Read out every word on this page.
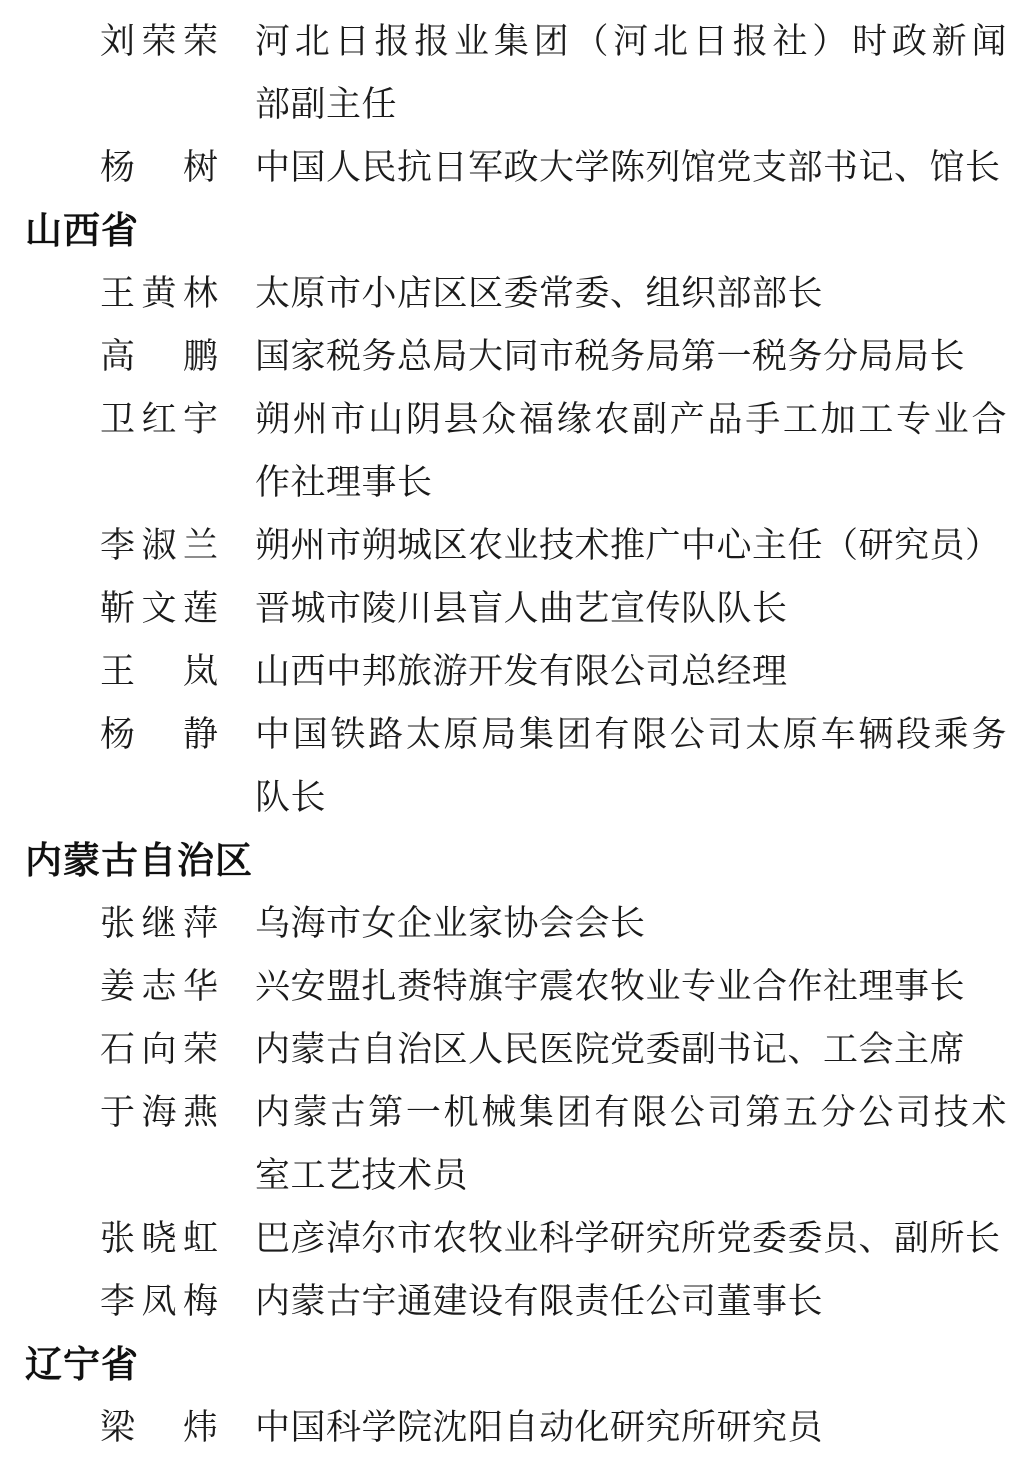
刘荣荣 河北日报报业集团（河北日报社）时政新闻
部副主任
杨　树 中国人民抗日军政大学陈列馆党支部书记、馆长
山西省
王黄林 太原市小店区区委常委、组织部部长
高　鹏 国家税务总局大同市税务局第一税务分局局长
卫红宇 朔州市山阴县众福缘农副产品手工加工专业合
作社理事长
李淑兰 朔州市朔城区农业技术推广中心主任（研究员）
靳文莲 晋城市陵川县盲人曲艺宣传队队长
王　岚 山西中邦旅游开发有限公司总经理
杨　静 中国铁路太原局集团有限公司太原车辆段乘务
队长
内蒙古自治区
张继萍 乌海市女企业家协会会长
姜志华 兴安盟扎赉特旗宇震农牧业专业合作社理事长
石向荣 内蒙古自治区人民医院党委副书记、工会主席
于海燕 内蒙古第一机械集团有限公司第五分公司技术
室工艺技术员
张晓虹 巴彦淖尔市农牧业科学研究所党委委员、副所长
李凤梅 内蒙古宇通建设有限责任公司董事长
辽宁省
梁　炜 中国科学院沈阳自动化研究所研究员
